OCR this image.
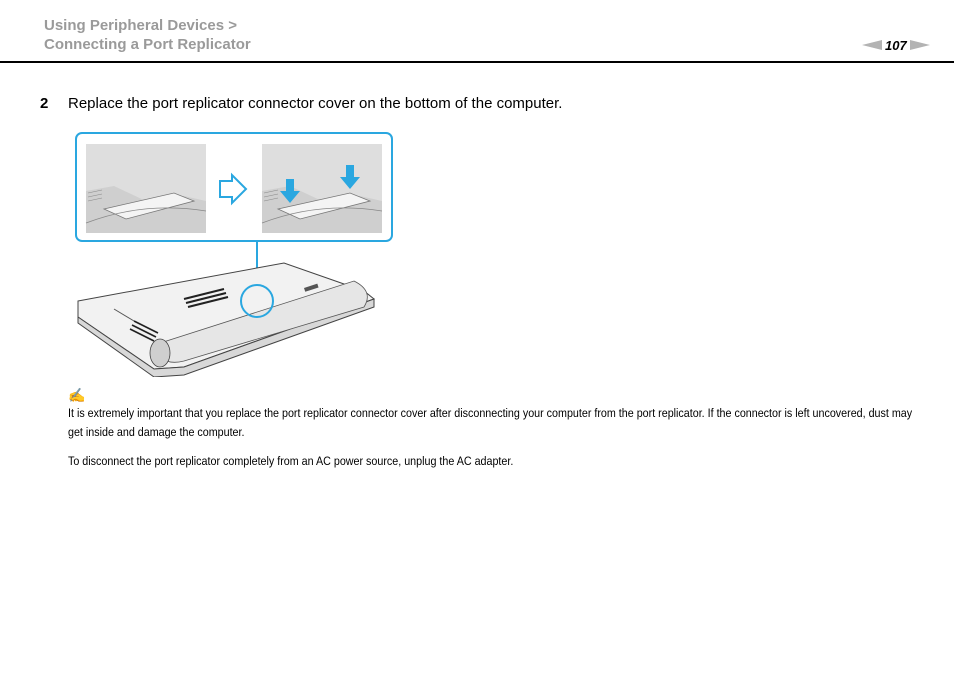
Using Peripheral Devices >
Connecting a Port Replicator	107
2 Replace the port replicator connector cover on the bottom of the computer.
✍

It is extremely important that you replace the port replicator connector cover after disconnecting your computer from the port replicator. If the connector is left uncovered, dust may get inside and damage the computer.

To disconnect the port replicator completely from an AC power source, unplug the AC adapter.
